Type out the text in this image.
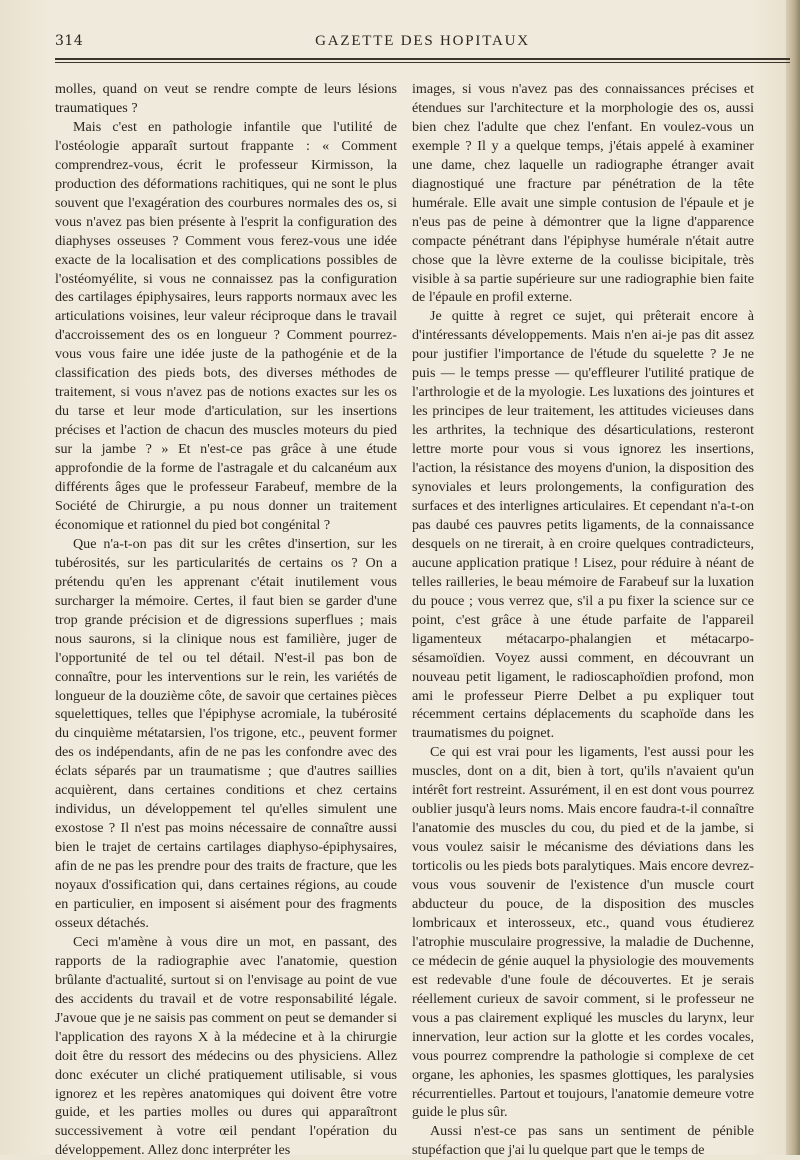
314	GAZETTE DES HOPITAUX

molles, quand on veut se rendre compte de leurs lésions traumatiques ?

Mais c'est en pathologie infantile que l'utilité de l'ostéologie apparaît surtout frappante : « Comment comprendrez-vous, écrit le professeur Kirmisson, la production des déformations rachitiques, qui ne sont le plus souvent que l'exagération des courbures normales des os, si vous n'avez pas bien présente à l'esprit la configuration des diaphyses osseuses ? Comment vous ferez-vous une idée exacte de la localisation et des complications possibles de l'ostéomyélite, si vous ne connaissez pas la configuration des cartilages épiphysaires, leurs rapports normaux avec les articulations voisines, leur valeur réciproque dans le travail d'accroissement des os en longueur ? Comment pourrez-vous vous faire une idée juste de la pathogénie et de la classification des pieds bots, des diverses méthodes de traitement, si vous n'avez pas de notions exactes sur les os du tarse et leur mode d'articulation, sur les insertions précises et l'action de chacun des muscles moteurs du pied sur la jambe ? » Et n'est-ce pas grâce à une étude approfondie de la forme de l'astragale et du calcanéum aux différents âges que le professeur Farabeuf, membre de la Société de Chirurgie, a pu nous donner un traitement économique et rationnel du pied bot congénital ?

Que n'a-t-on pas dit sur les crêtes d'insertion, sur les tubérosités, sur les particularités de certains os ? On a prétendu qu'en les apprenant c'était inutilement vous surcharger la mémoire. Certes, il faut bien se garder d'une trop grande précision et de digressions superflues ; mais nous saurons, si la clinique nous est familière, juger de l'opportunité de tel ou tel détail. N'est-il pas bon de connaître, pour les interventions sur le rein, les variétés de longueur de la douzième côte, de savoir que certaines pièces squelettiques, telles que l'épiphyse acromiale, la tubérosité du cinquième métatarsien, l'os trigone, etc., peuvent former des os indépendants, afin de ne pas les confondre avec des éclats séparés par un traumatisme ; que d'autres saillies acquièrent, dans certaines conditions et chez certains individus, un développement tel qu'elles simulent une exostose ? Il n'est pas moins nécessaire de connaître aussi bien le trajet de certains cartilages diaphyso-épiphysaires, afin de ne pas les prendre pour des traits de fracture, que les noyaux d'ossification qui, dans certaines régions, au coude en particulier, en imposent si aisément pour des fragments osseux détachés.

Ceci m'amène à vous dire un mot, en passant, des rapports de la radiographie avec l'anatomie, question brûlante d'actualité, surtout si on l'envisage au point de vue des accidents du travail et de votre responsabilité légale. J'avoue que je ne saisis pas comment on peut se demander si l'application des rayons X à la médecine et à la chirurgie doit être du ressort des médecins ou des physiciens. Allez donc exécuter un cliché pratiquement utilisable, si vous ignorez et les repères anatomiques qui doivent être votre guide, et les parties molles ou dures qui apparaîtront successivement à votre œil pendant l'opération du développement. Allez donc interpréter les

images, si vous n'avez pas des connaissances précises et étendues sur l'architecture et la morphologie des os, aussi bien chez l'adulte que chez l'enfant. En voulez-vous un exemple ? Il y a quelque temps, j'étais appelé à examiner une dame, chez laquelle un radiographe étranger avait diagnostiqué une fracture par pénétration de la tête humérale. Elle avait une simple contusion de l'épaule et je n'eus pas de peine à démontrer que la ligne d'apparence compacte pénétrant dans l'épiphyse humérale n'était autre chose que la lèvre externe de la coulisse bicipitale, très visible à sa partie supérieure sur une radiographie bien faite de l'épaule en profil externe.

Je quitte à regret ce sujet, qui prêterait encore à d'intéressants développements. Mais n'en ai-je pas dit assez pour justifier l'importance de l'étude du squelette ? Je ne puis — le temps presse — qu'effleurer l'utilité pratique de l'arthrologie et de la myologie. Les luxations des jointures et les principes de leur traitement, les attitudes vicieuses dans les arthrites, la technique des désarticulations, resteront lettre morte pour vous si vous ignorez les insertions, l'action, la résistance des moyens d'union, la disposition des synoviales et leurs prolongements, la configuration des surfaces et des interlignes articulaires. Et cependant n'a-t-on pas daubé ces pauvres petits ligaments, de la connaissance desquels on ne tirerait, à en croire quelques contradicteurs, aucune application pratique ! Lisez, pour réduire à néant de telles railleries, le beau mémoire de Farabeuf sur la luxation du pouce ; vous verrez que, s'il a pu fixer la science sur ce point, c'est grâce à une étude parfaite de l'appareil ligamenteux métacarpo-phalangien et métacarpo-sésamoïdien. Voyez aussi comment, en découvrant un nouveau petit ligament, le radioscaphoïdien profond, mon ami le professeur Pierre Delbet a pu expliquer tout récemment certains déplacements du scaphoïde dans les traumatismes du poignet.

Ce qui est vrai pour les ligaments, l'est aussi pour les muscles, dont on a dit, bien à tort, qu'ils n'avaient qu'un intérêt fort restreint. Assurément, il en est dont vous pourrez oublier jusqu'à leurs noms. Mais encore faudra-t-il connaître l'anatomie des muscles du cou, du pied et de la jambe, si vous voulez saisir le mécanisme des déviations dans les torticolis ou les pieds bots paralytiques. Mais encore devrez-vous vous souvenir de l'existence d'un muscle court abducteur du pouce, de la disposition des muscles lombricaux et interosseux, etc., quand vous étudierez l'atrophie musculaire progressive, la maladie de Duchenne, ce médecin de génie auquel la physiologie des mouvements est redevable d'une foule de découvertes. Et je serais réellement curieux de savoir comment, si le professeur ne vous a pas clairement expliqué les muscles du larynx, leur innervation, leur action sur la glotte et les cordes vocales, vous pourrez comprendre la pathologie si complexe de cet organe, les aphonies, les spasmes glottiques, les paralysies récurrentielles. Partout et toujours, l'anatomie demeure votre guide le plus sûr.

Aussi n'est-ce pas sans un sentiment de pénible stupéfaction que j'ai lu quelque part que le temps de
